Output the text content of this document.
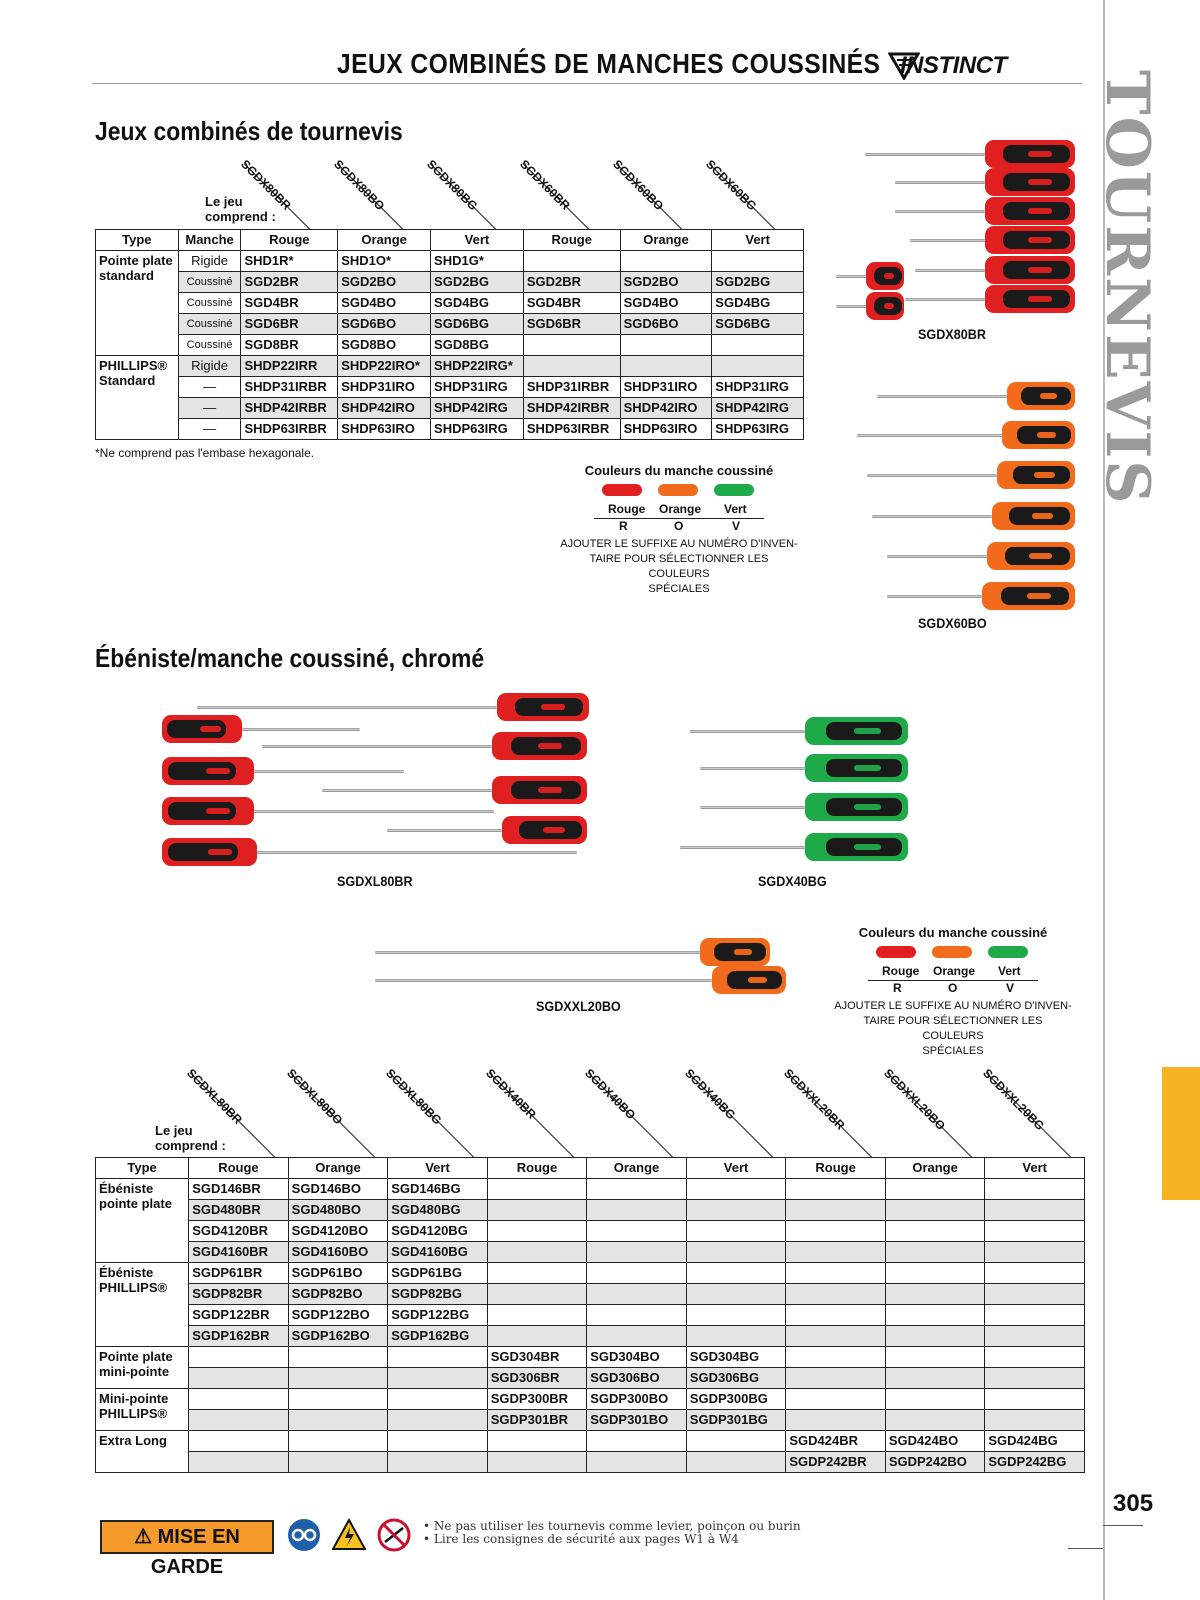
JEUX COMBINÉS DE MANCHES COUSSINÉS INSTINCT
TOURNEVIS
Jeux combinés de tournevis
Le jeu
comprend :
SGDX80BR	SGDX80BO	SGDX80BG	SGDX60BR	SGDX60BO	SGDX60BG
Type	Manche	Rouge	Orange	Vert	Rouge	Orange	Vert
Pointe plate standard	Rigide	SHD1R*	SHD1O*	SHD1G*			
	Coussiné	SGD2BR	SGD2BO	SGD2BG	SGD2BR	SGD2BO	SGD2BG
	Coussiné	SGD4BR	SGD4BO	SGD4BG	SGD4BR	SGD4BO	SGD4BG
	Coussiné	SGD6BR	SGD6BO	SGD6BG	SGD6BR	SGD6BO	SGD6BG
	Coussiné	SGD8BR	SGD8BO	SGD8BG			
PHILLIPS® Standard	Rigide	SHDP22IRR	SHDP22IRO*	SHDP22IRG*			
	—	SHDP31IRBR	SHDP31IRO	SHDP31IRG	SHDP31IRBR	SHDP31IRO	SHDP31IRG
	—	SHDP42IRBR	SHDP42IRO	SHDP42IRG	SHDP42IRBR	SHDP42IRO	SHDP42IRG
	—	SHDP63IRBR	SHDP63IRO	SHDP63IRG	SHDP63IRBR	SHDP63IRO	SHDP63IRG
*Ne comprend pas l'embase hexagonale.
Couleurs du manche coussiné
Rouge Orange Vert
R	O	V
AJOUTER LE SUFFIXE AU NUMÉRO D'INVEN-
TAIRE POUR SÉLECTIONNER LES COULEURS
SPÉCIALES
SGDX80BR
SGDX60BO
Ébéniste/manche coussiné, chromé
SGDXL80BR	SGDX40BG
SGDXXL20BO
Couleurs du manche coussiné
Rouge Orange Vert
R	O	V
AJOUTER LE SUFFIXE AU NUMÉRO D'INVEN-
TAIRE POUR SÉLECTIONNER LES COULEURS
SPÉCIALES
Le jeu
comprend :
SGDXL80BR	SGDXL80BO	SGDXL80BG	SGDX40BR	SGDX40BO	SGDX40BG	SGDXXL20BR	SGDXXL20BO	SGDXXL20BG
Type	Rouge	Orange	Vert	Rouge	Orange	Vert	Rouge	Orange	Vert
Ébéniste pointe plate	SGD146BR	SGD146BO	SGD146BG						
	SGD480BR	SGD480BO	SGD480BG						
	SGD4120BR	SGD4120BO	SGD4120BG						
	SGD4160BR	SGD4160BO	SGD4160BG						
Ébéniste PHILLIPS®	SGDP61BR	SGDP61BO	SGDP61BG						
	SGDP82BR	SGDP82BO	SGDP82BG						
	SGDP122BR	SGDP122BO	SGDP122BG						
	SGDP162BR	SGDP162BO	SGDP162BG						
Pointe plate mini-pointe				SGD304BR	SGD304BO	SGD304BG			
				SGD306BR	SGD306BO	SGD306BG			
Mini-pointe PHILLIPS®				SGDP300BR	SGDP300BO	SGDP300BG			
				SGDP301BR	SGDP301BO	SGDP301BG			
Extra Long							SGD424BR	SGD424BO	SGD424BG
							SGDP242BR	SGDP242BO	SGDP242BG
⚠ MISE EN GARDE
• Ne pas utiliser les tournevis comme levier, poinçon ou burin
• Lire les consignes de sécurité aux pages W1 à W4
305
